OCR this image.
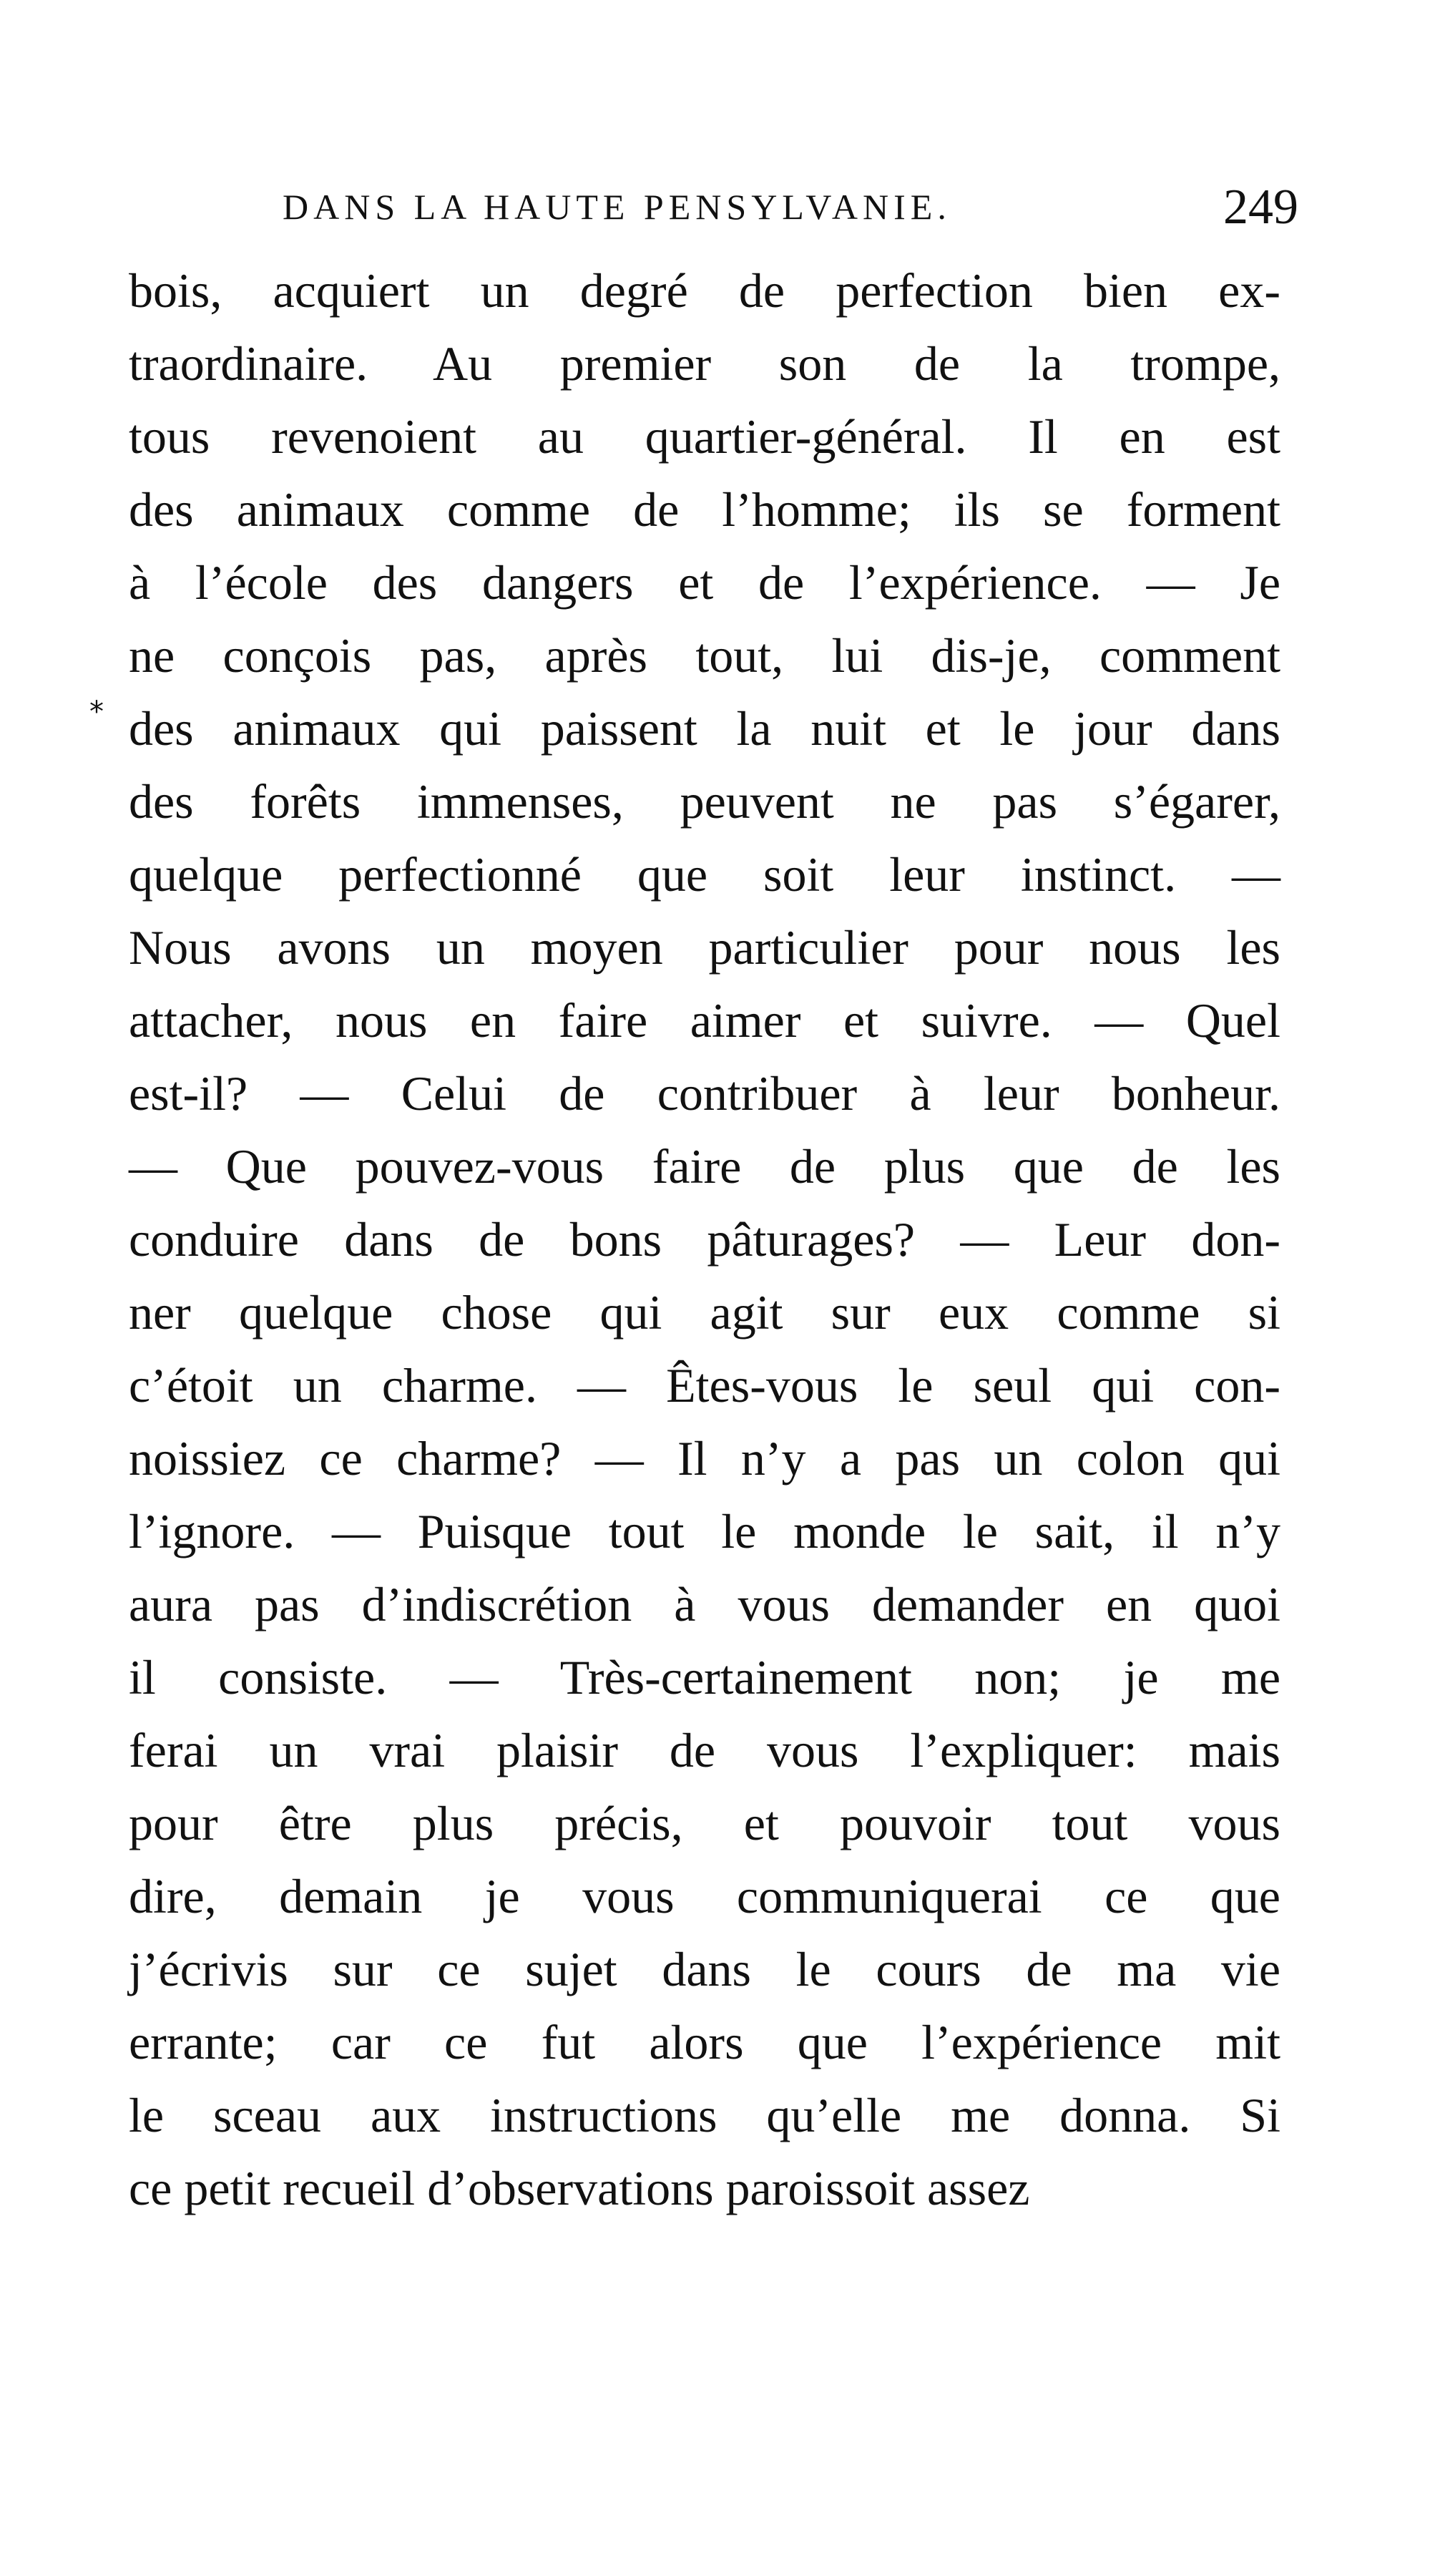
DANS LA HAUTE PENSYLVANIE.	249
*
bois, acquiert un degré de perfection bien ex-
traordinaire. Au premier son de la trompe,
tous revenoient au quartier-général. Il en est
des animaux comme de l’homme; ils se forment
à l’école des dangers et de l’expérience. — Je
ne conçois pas, après tout, lui dis-je, comment
des animaux qui paissent la nuit et le jour dans
des forêts immenses, peuvent ne pas s’égarer,
quelque perfectionné que soit leur instinct. —
Nous avons un moyen particulier pour nous les
attacher, nous en faire aimer et suivre. — Quel
est-il? — Celui de contribuer à leur bonheur.
— Que pouvez-vous faire de plus que de les
conduire dans de bons pâturages? — Leur don-
ner quelque chose qui agit sur eux comme si
c’étoit un charme. — Êtes-vous le seul qui con-
noissiez ce charme? — Il n’y a pas un colon qui
l’ignore. — Puisque tout le monde le sait, il n’y
aura pas d’indiscrétion à vous demander en quoi
il consiste. — Très-certainement non; je me
ferai un vrai plaisir de vous l’expliquer: mais
pour être plus précis, et pouvoir tout vous
dire, demain je vous communiquerai ce que
j’écrivis sur ce sujet dans le cours de ma vie
errante; car ce fut alors que l’expérience mit
le sceau aux instructions qu’elle me donna. Si
ce petit recueil d’observations paroissoit assez
